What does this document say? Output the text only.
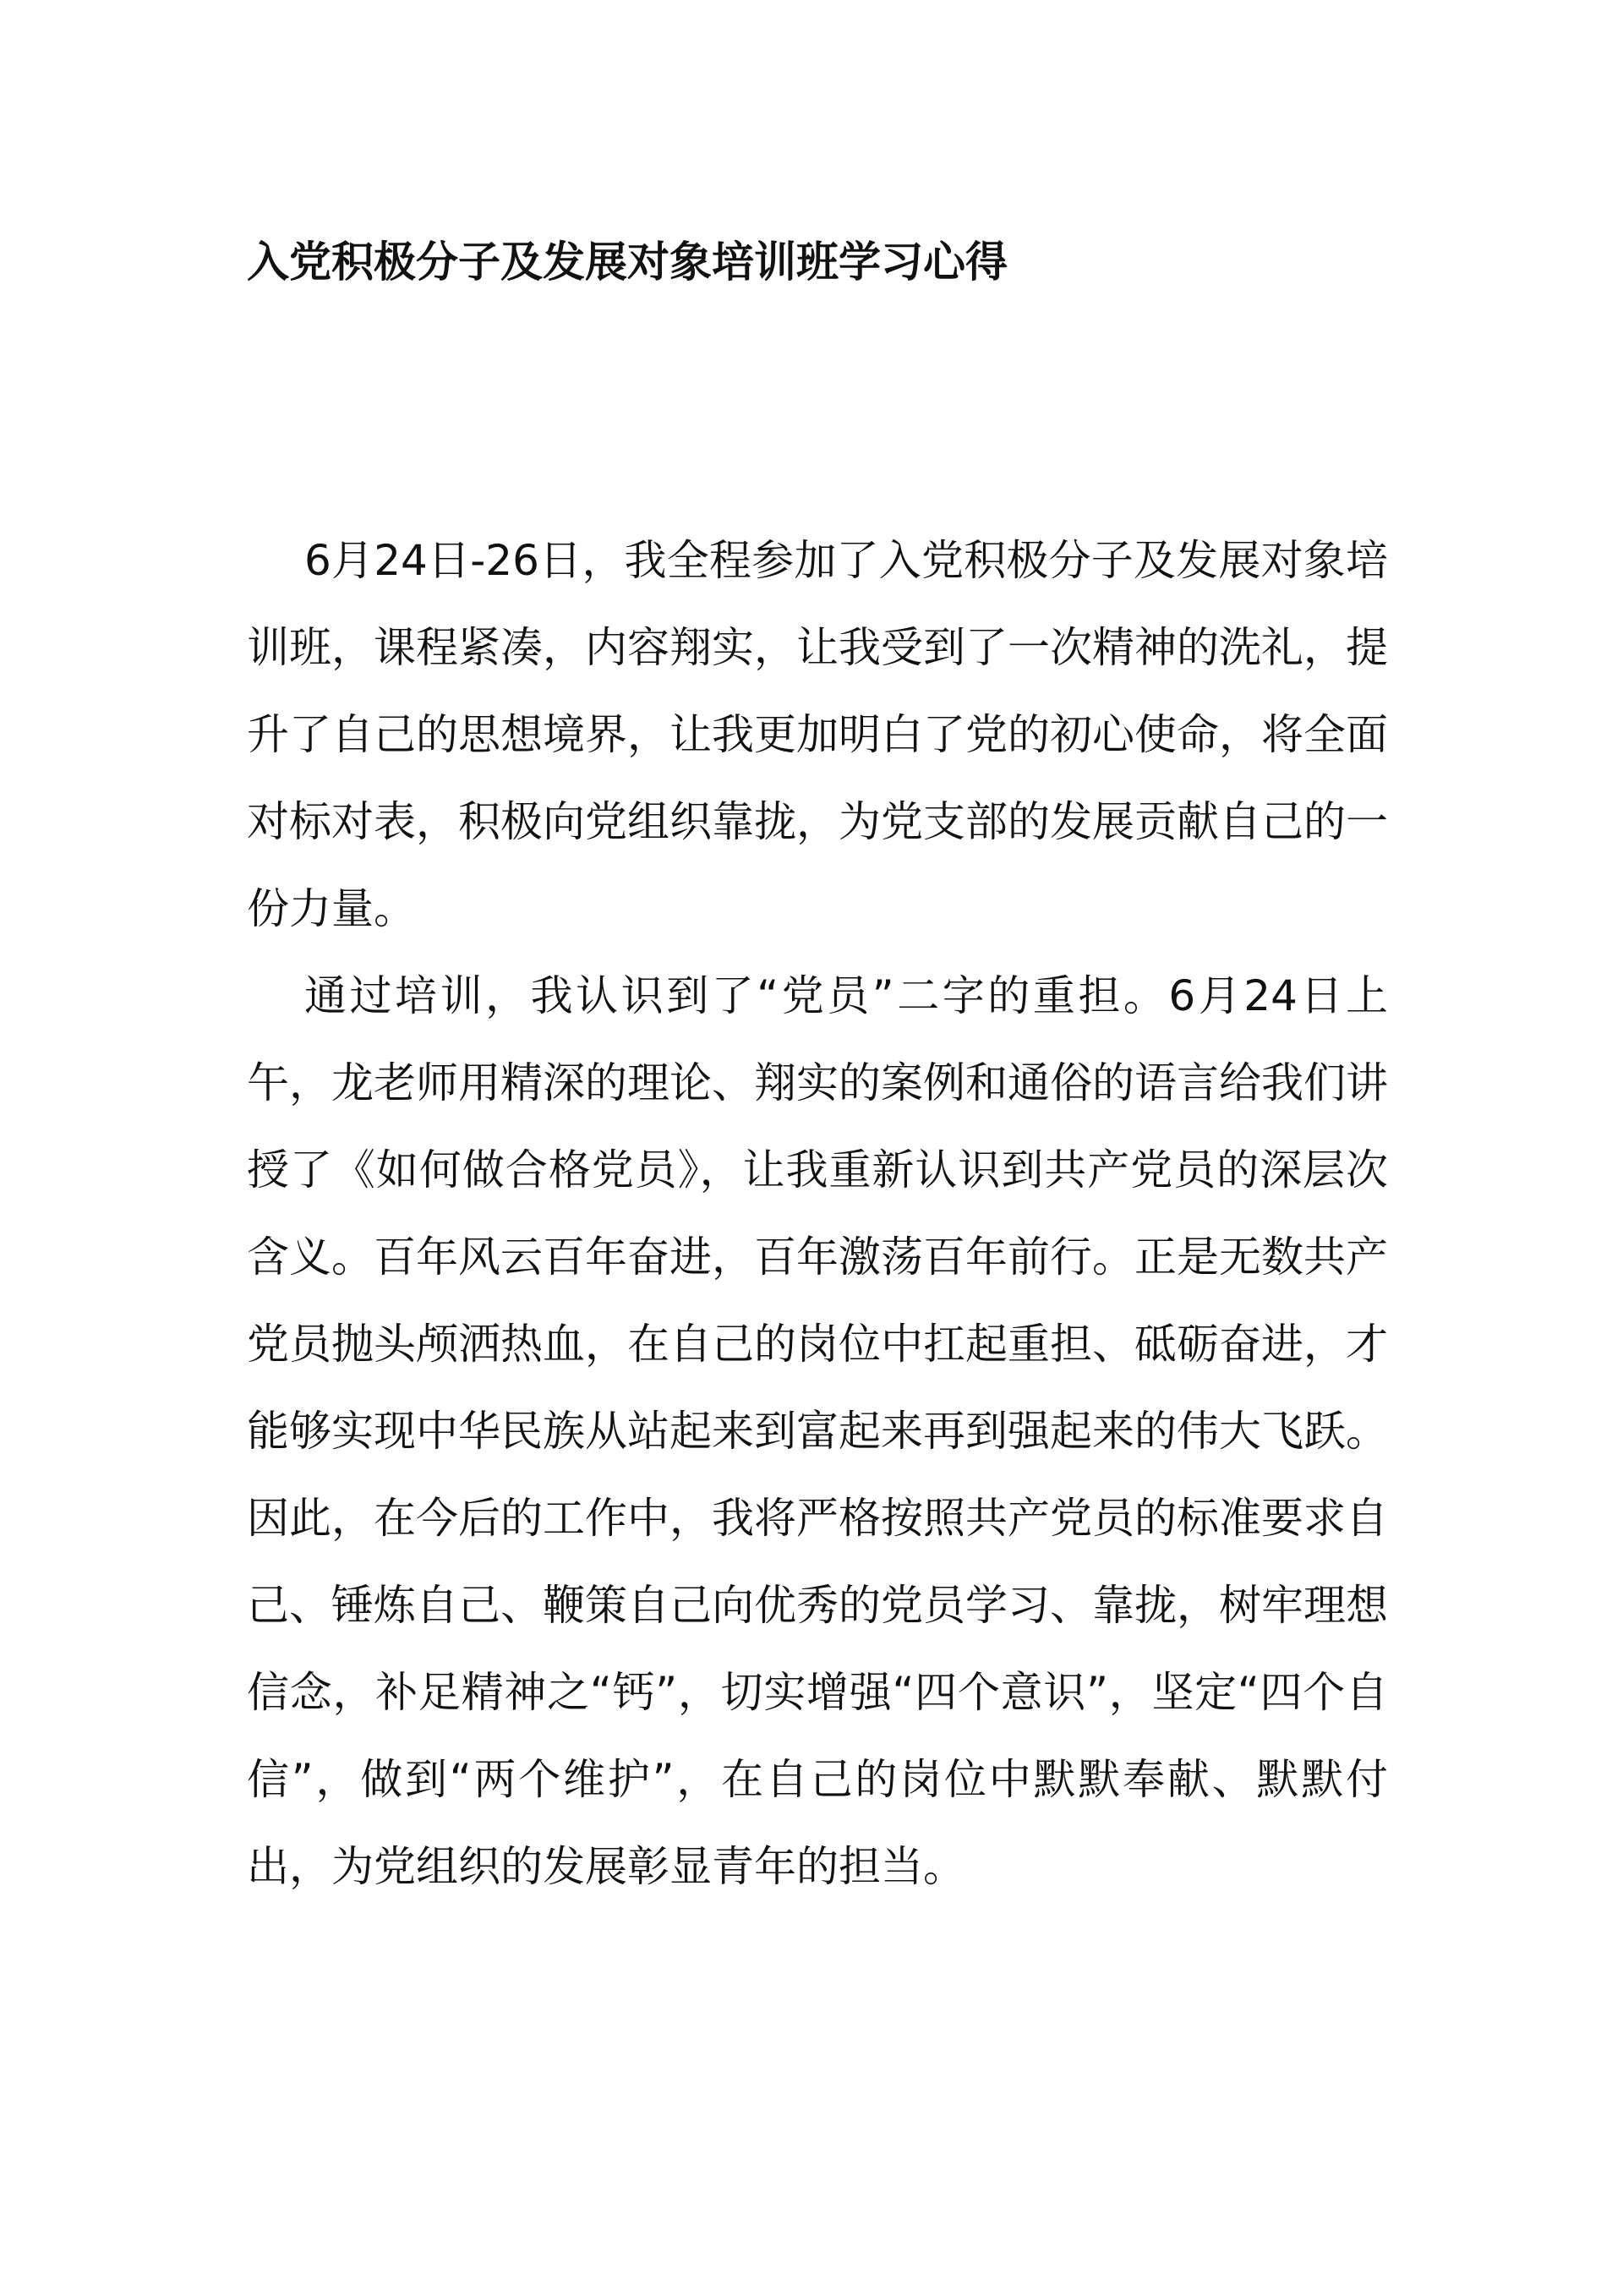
入党积极分子及发展对象培训班学习心得

6月24日-26日，我全程参加了入党积极分子及发展对象培训班，课程紧凑，内容翔实，让我受到了一次精神的洗礼，提升了自己的思想境界，让我更加明白了党的初心使命，将全面对标对表，积极向党组织靠拢，为党支部的发展贡献自己的一份力量。

通过培训，我认识到了“党员”二字的重担。6月24日上午，龙老师用精深的理论、翔实的案例和通俗的语言给我们讲授了《如何做合格党员》，让我重新认识到共产党员的深层次含义。百年风云百年奋进，百年激荡百年前行。正是无数共产党员抛头颅洒热血，在自己的岗位中扛起重担、砥砺奋进，才能够实现中华民族从站起来到富起来再到强起来的伟大飞跃。因此，在今后的工作中，我将严格按照共产党员的标准要求自己、锤炼自己、鞭策自己向优秀的党员学习、靠拢，树牢理想信念，补足精神之“钙”，切实增强“四个意识”，坚定“四个自信”，做到“两个维护”，在自己的岗位中默默奉献、默默付出，为党组织的发展彰显青年的担当。
